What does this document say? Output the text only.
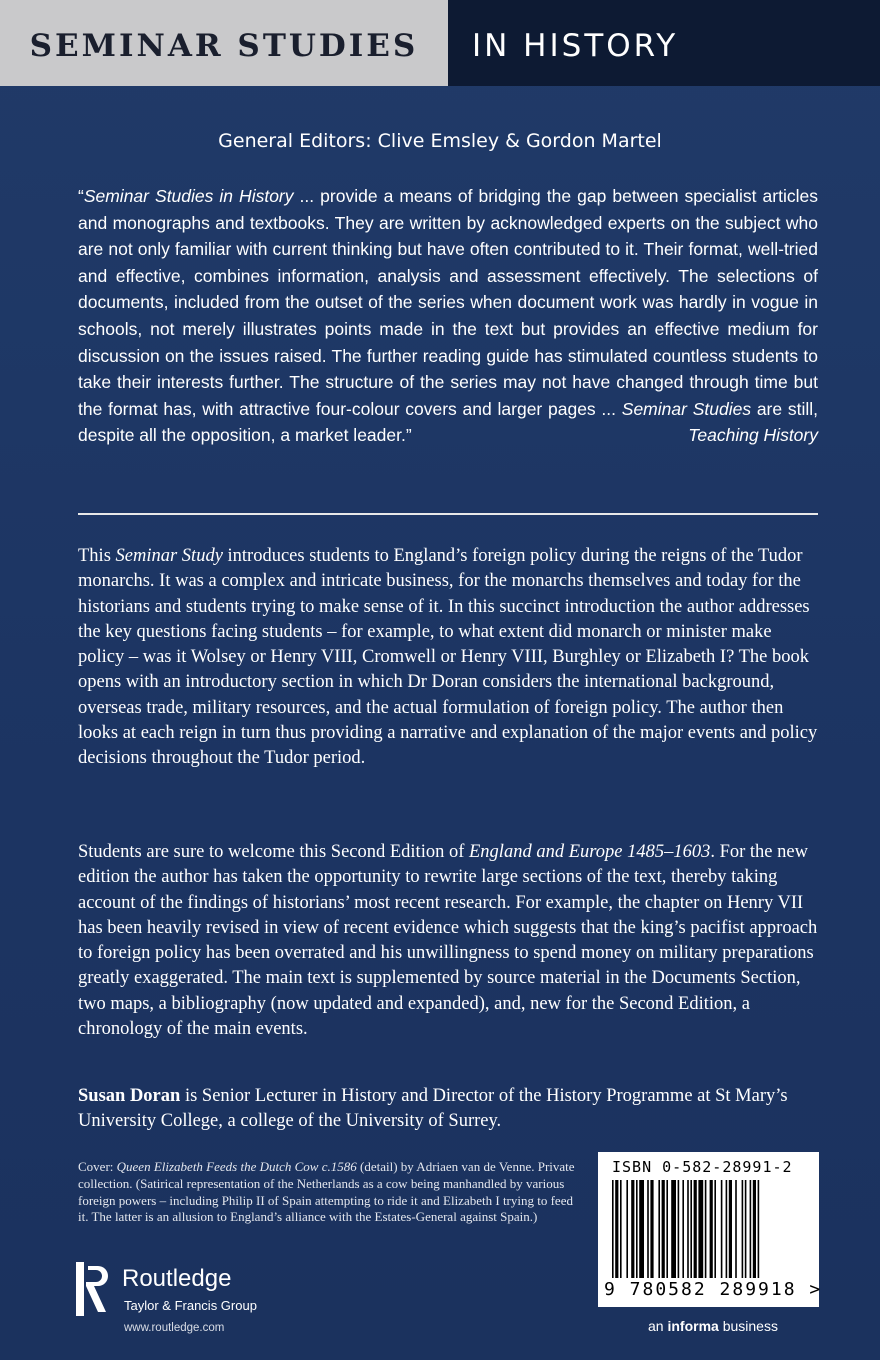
SEMINAR STUDIES IN HISTORY
General Editors: Clive Emsley & Gordon Martel
“Seminar Studies in History ... provide a means of bridging the gap between specialist articles and monographs and textbooks. They are written by acknowledged experts on the subject who are not only familiar with current thinking but have often contributed to it. Their format, well-tried and effective, combines information, analysis and assessment effectively. The selections of documents, included from the outset of the series when document work was hardly in vogue in schools, not merely illustrates points made in the text but provides an effective medium for discussion on the issues raised. The further reading guide has stimulated countless students to take their interests further. The structure of the series may not have changed through time but the format has, with attractive four-colour covers and larger pages ... Seminar Studies are still, despite all the opposition, a market leader.”	Teaching History
This Seminar Study introduces students to England’s foreign policy during the reigns of the Tudor monarchs. It was a complex and intricate business, for the monarchs themselves and today for the historians and students trying to make sense of it. In this succinct introduction the author addresses the key questions facing students – for example, to what extent did monarch or minister make policy – was it Wolsey or Henry VIII, Cromwell or Henry VIII, Burghley or Elizabeth I? The book opens with an introductory section in which Dr Doran considers the international background, overseas trade, military resources, and the actual formulation of foreign policy. The author then looks at each reign in turn thus providing a narrative and explanation of the major events and policy decisions throughout the Tudor period.
Students are sure to welcome this Second Edition of England and Europe 1485–1603. For the new edition the author has taken the opportunity to rewrite large sections of the text, thereby taking account of the findings of historians’ most recent research. For example, the chapter on Henry VII has been heavily revised in view of recent evidence which suggests that the king’s pacifist approach to foreign policy has been overrated and his unwillingness to spend money on military preparations greatly exaggerated. The main text is supplemented by source material in the Documents Section, two maps, a bibliography (now updated and expanded), and, new for the Second Edition, a chronology of the main events.
Susan Doran is Senior Lecturer in History and Director of the History Programme at St Mary’s University College, a college of the University of Surrey.
Cover: Queen Elizabeth Feeds the Dutch Cow c.1586 (detail) by Adriaen van de Venne. Private collection. (Satirical representation of the Netherlands as a cow being manhandled by various foreign powers – including Philip II of Spain attempting to ride it and Elizabeth I trying to feed it. The latter is an allusion to England’s alliance with the Estates-General against Spain.)
Routledge
Taylor & Francis Group
www.routledge.com
ISBN 0-582-28991-2
9 780582 289918 >
an informa business
